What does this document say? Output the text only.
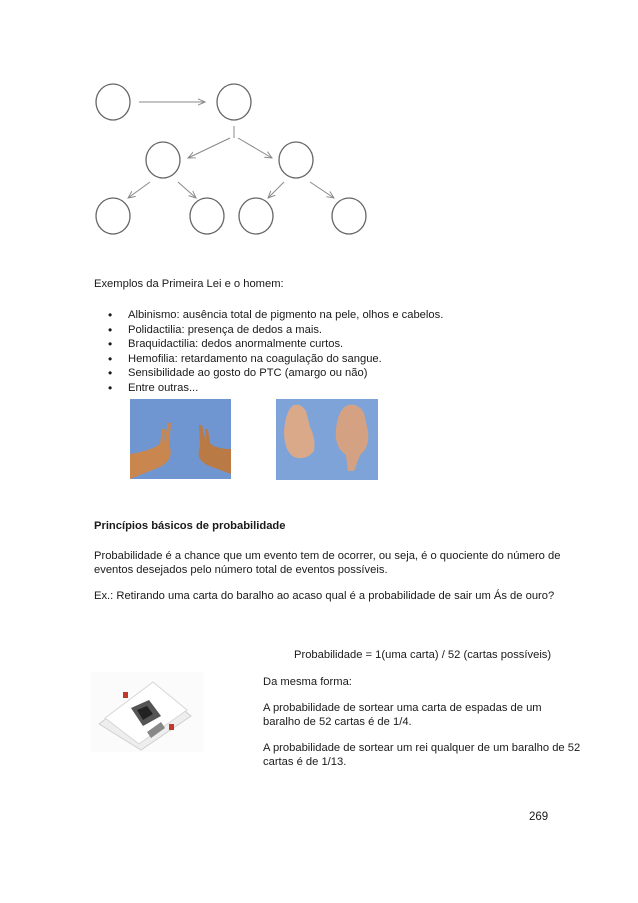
Exemplos da Primeira Lei e o homem:
• Albinismo: ausência total de pigmento na pele, olhos e cabelos.
• Polidactilia: presença de dedos a mais.
• Braquidactilia: dedos anormalmente curtos.
• Hemofilia: retardamento na coagulação do sangue.
• Sensibilidade ao gosto do PTC (amargo ou não)
• Entre outras...
Princípios básicos de probabilidade
Probabilidade é a chance que um evento tem de ocorrer, ou seja, é o quociente do número de
eventos desejados pelo número total de eventos possíveis.
Ex.: Retirando uma carta do baralho ao acaso qual é a probabilidade de sair um Ás de ouro?
Probabilidade = 1(uma carta) / 52 (cartas possíveis)
Da mesma forma:
A probabilidade de sortear uma carta de espadas de um
baralho de 52 cartas é de 1/4.
A probabilidade de sortear um rei qualquer de um baralho de 52
cartas é de 1/13.
269
